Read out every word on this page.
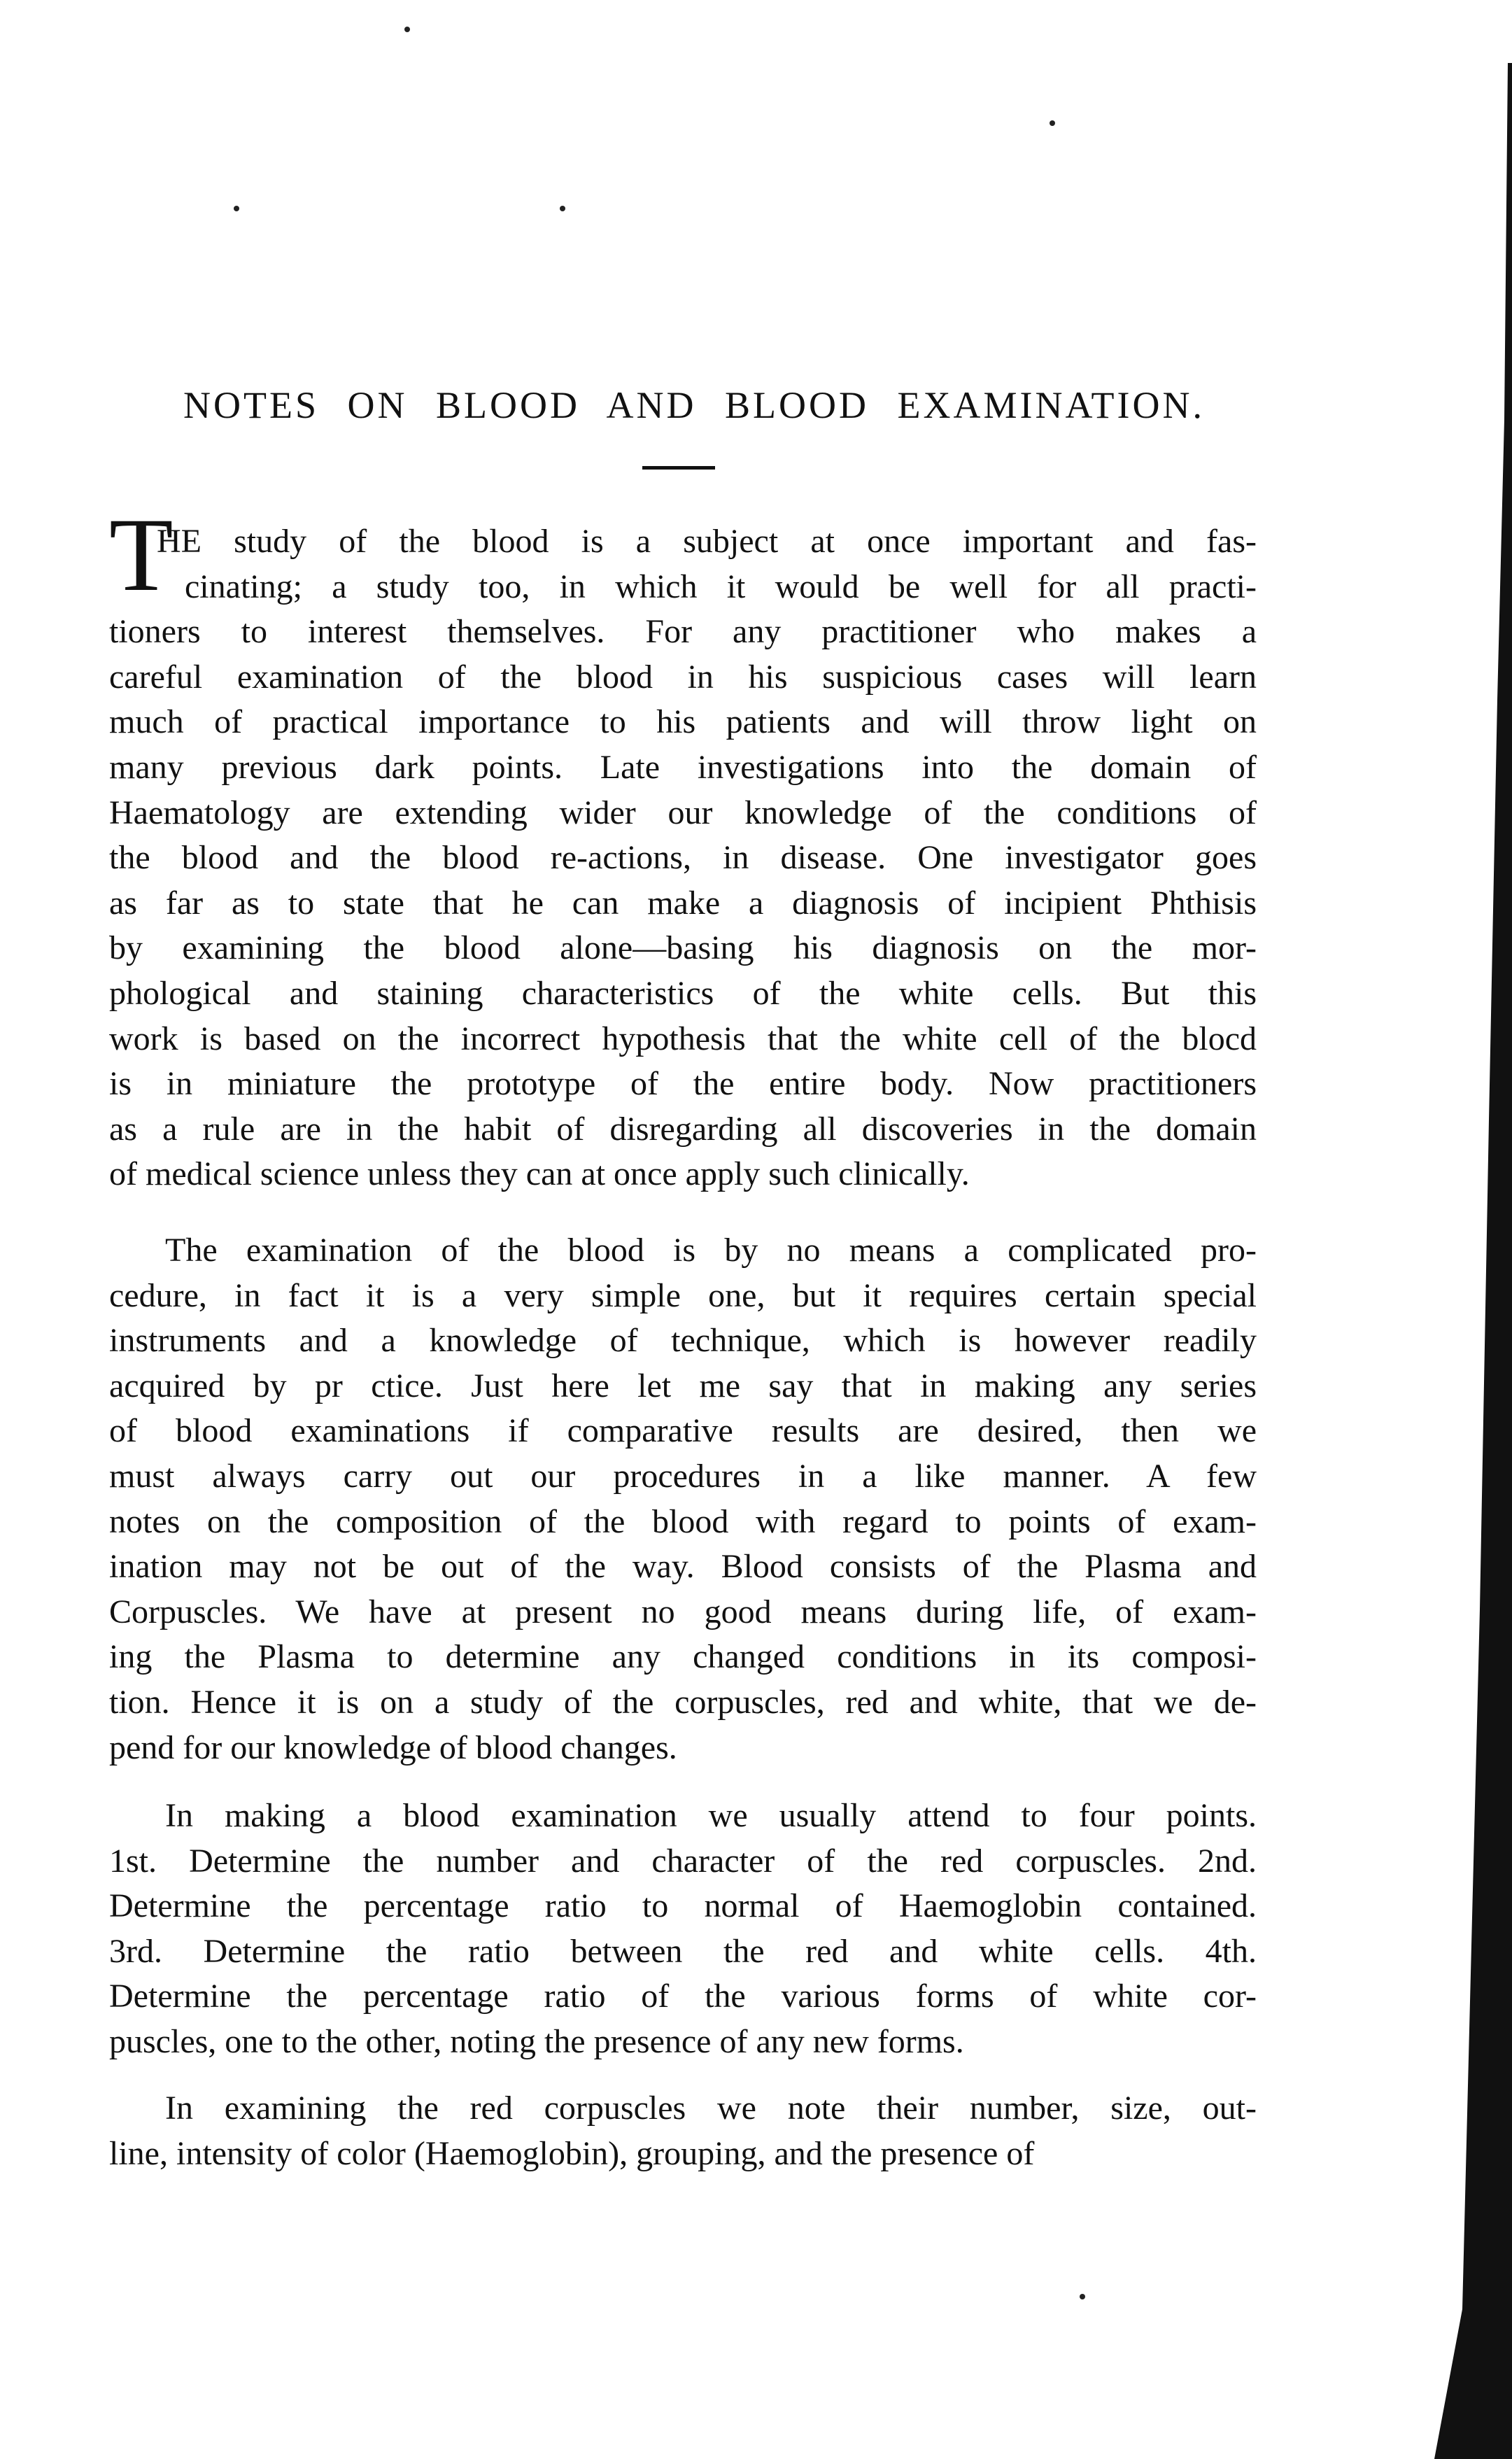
NOTES ON BLOOD AND BLOOD EXAMINATION.
T
HE study of the blood is a subject at once important and fas-
cinating; a study too, in which it would be well for all practi-
tioners to interest themselves. For any practitioner who makes a
careful examination of the blood in his suspicious cases will learn
much of practical importance to his patients and will throw light on
many previous dark points. Late investigations into the domain of
Haematology are extending wider our knowledge of the conditions of
the blood and the blood re-actions, in disease. One investigator goes
as far as to state that he can make a diagnosis of incipient Phthisis
by examining the blood alone—basing his diagnosis on the mor-
phological and staining characteristics of the white cells. But this
work is based on the incorrect hypothesis that the white cell of the blocd
is in miniature the prototype of the entire body. Now practitioners
as a rule are in the habit of disregarding all discoveries in the domain
of medical science unless they can at once apply such clinically.
The examination of the blood is by no means a complicated pro-
cedure, in fact it is a very simple one, but it requires certain special
instruments and a knowledge of technique, which is however readily
acquired by pr ctice. Just here let me say that in making any series
of blood examinations if comparative results are desired, then we
must always carry out our procedures in a like manner. A few
notes on the composition of the blood with regard to points of exam-
ination may not be out of the way. Blood consists of the Plasma and
Corpuscles. We have at present no good means during life, of exam-
ing the Plasma to determine any changed conditions in its composi-
tion. Hence it is on a study of the corpuscles, red and white, that we de-
pend for our knowledge of blood changes.
In making a blood examination we usually attend to four points.
1st. Determine the number and character of the red corpuscles. 2nd.
Determine the percentage ratio to normal of Haemoglobin contained.
3rd. Determine the ratio between the red and white cells. 4th.
Determine the percentage ratio of the various forms of white cor-
puscles, one to the other, noting the presence of any new forms.
In examining the red corpuscles we note their number, size, out-
line, intensity of color (Haemoglobin), grouping, and the presence of
